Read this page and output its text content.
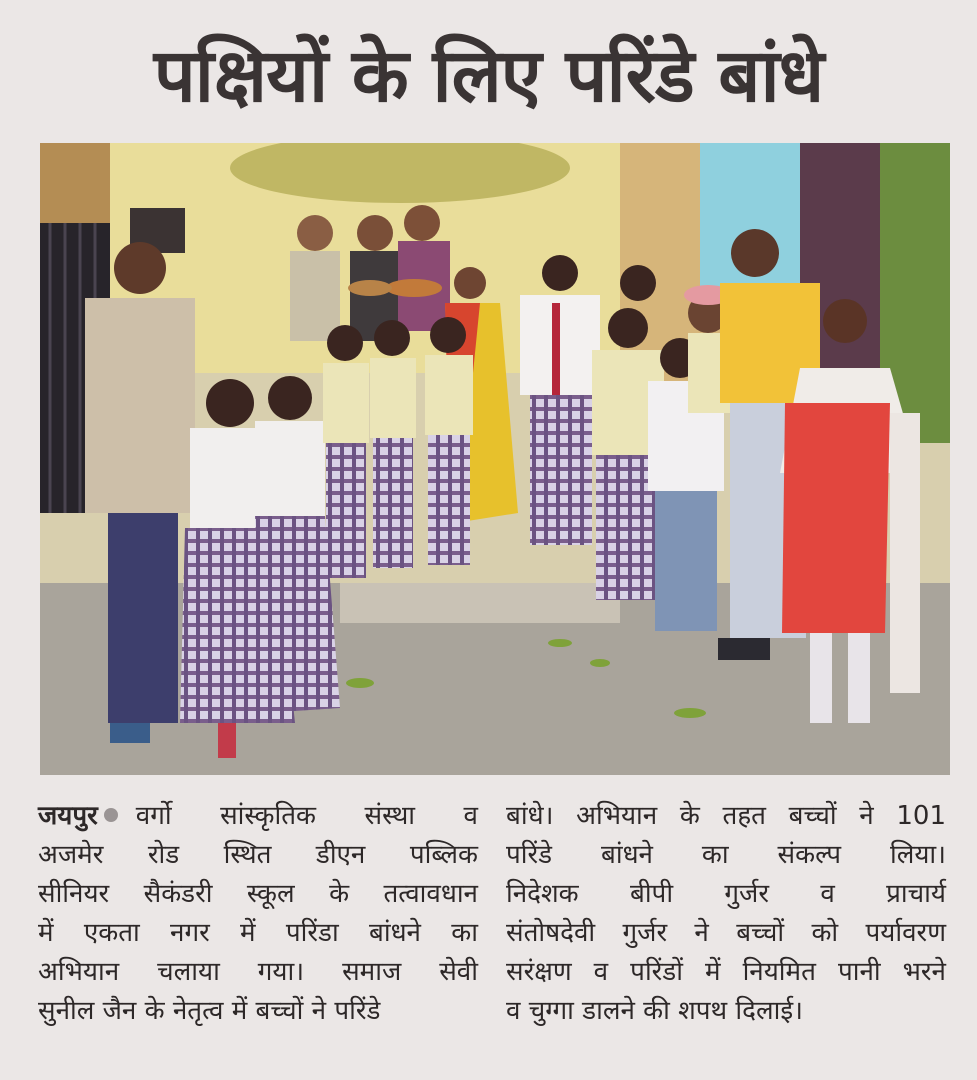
पक्षियों के लिए परिंडे बांधे
जयपुर वर्गो सांस्कृतिक संस्था व
अजमेर रोड स्थित डीएन पब्लिक
सीनियर सैकंडरी स्कूल के तत्वावधान
में एकता नगर में परिंडा बांधने का
अभियान चलाया गया। समाज सेवी
सुनील जैन के नेतृत्व में बच्चों ने परिंडे
बांधे। अभियान के तहत बच्चों ने 101
परिंडे बांधने का संकल्प लिया।
निदेशक बीपी गुर्जर व प्राचार्य
संतोषदेवी गुर्जर ने बच्चों को पर्यावरण
सरंक्षण व परिंडों में नियमित पानी भरने
व चुग्गा डालने की शपथ दिलाई।
